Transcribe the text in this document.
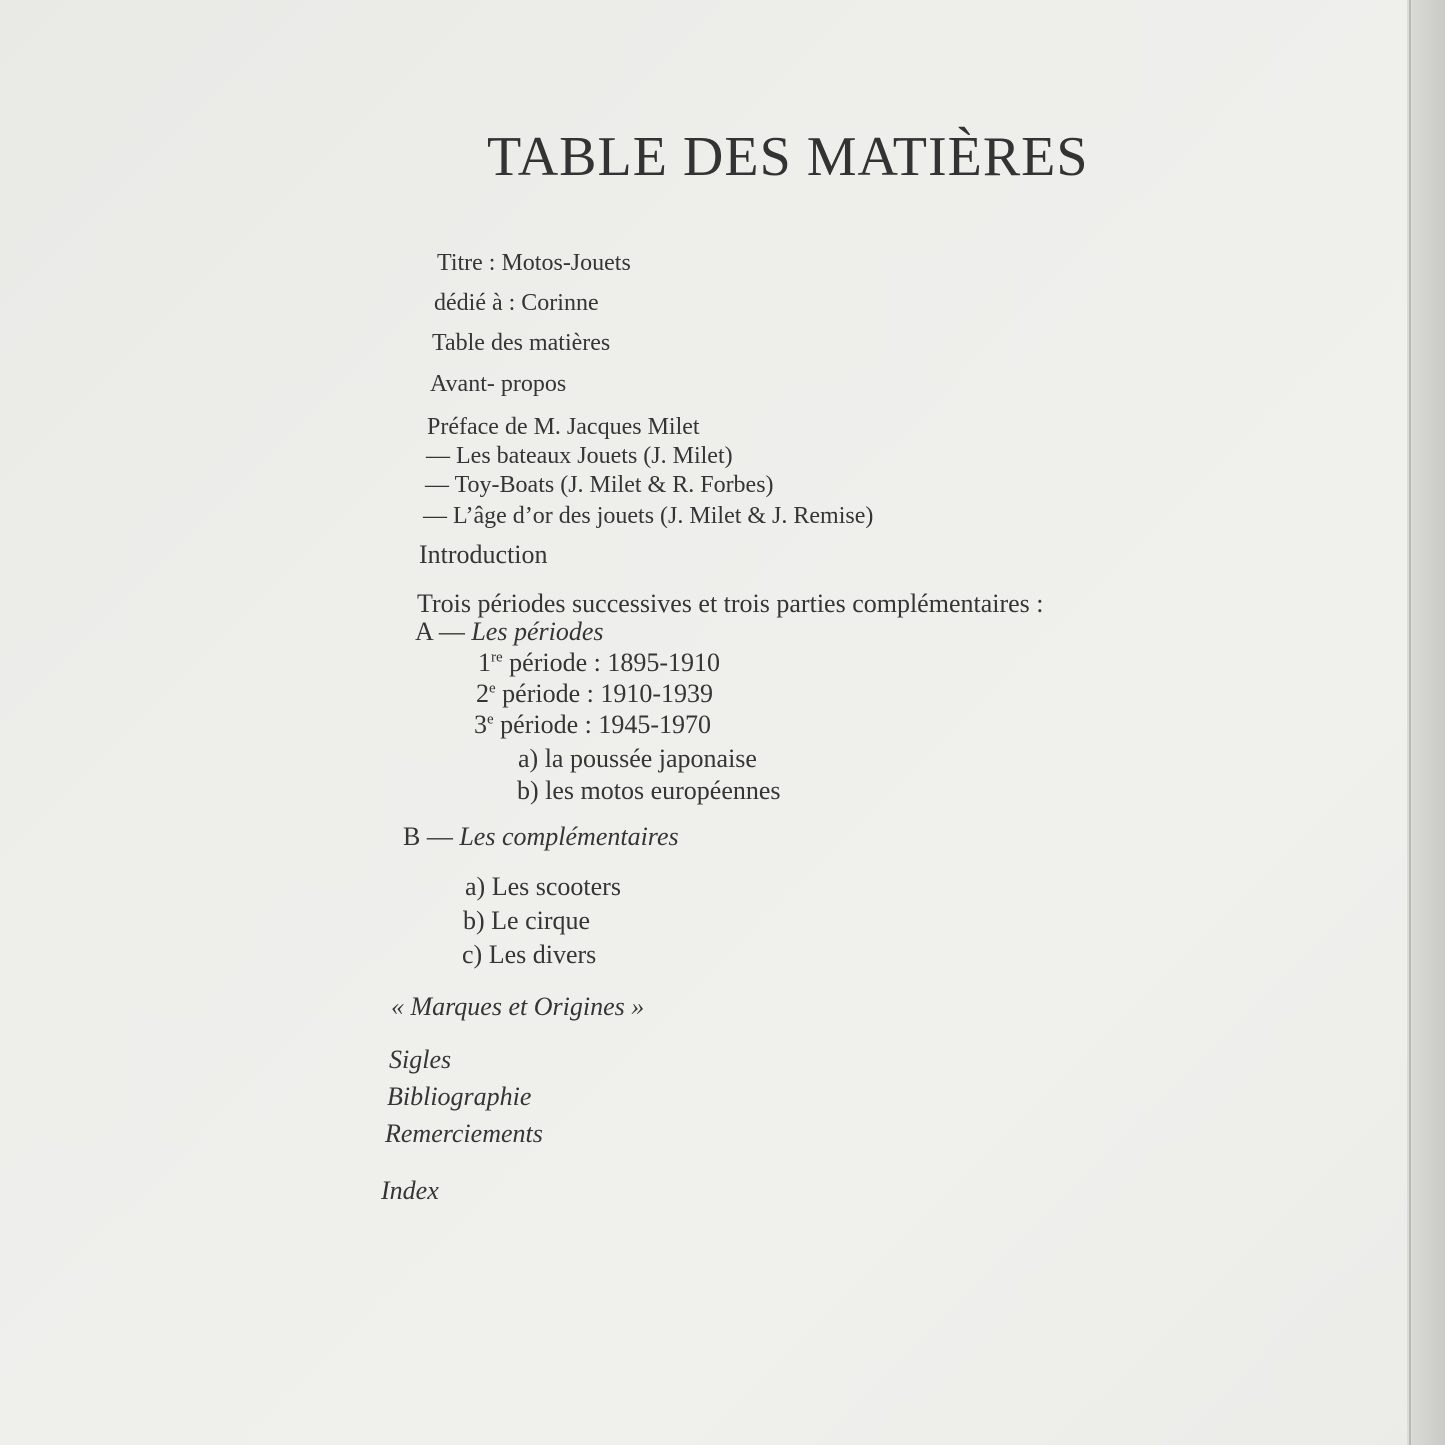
TABLE DES MATIÈRES
Titre : Motos-Jouets
dédié à : Corinne
Table des matières
Avant- propos
Préface de M. Jacques Milet
— Les bateaux Jouets (J. Milet)
— Toy-Boats (J. Milet & R. Forbes)
— L’âge d’or des jouets (J. Milet & J. Remise)
Introduction
Trois périodes successives et trois parties complémentaires :
A — Les périodes
1re période : 1895-1910
2e période : 1910-1939
3e période : 1945-1970
a) la poussée japonaise
b) les motos européennes
B — Les complémentaires
a) Les scooters
b) Le cirque
c) Les divers
« Marques et Origines »
Sigles
Bibliographie
Remerciements
Index
